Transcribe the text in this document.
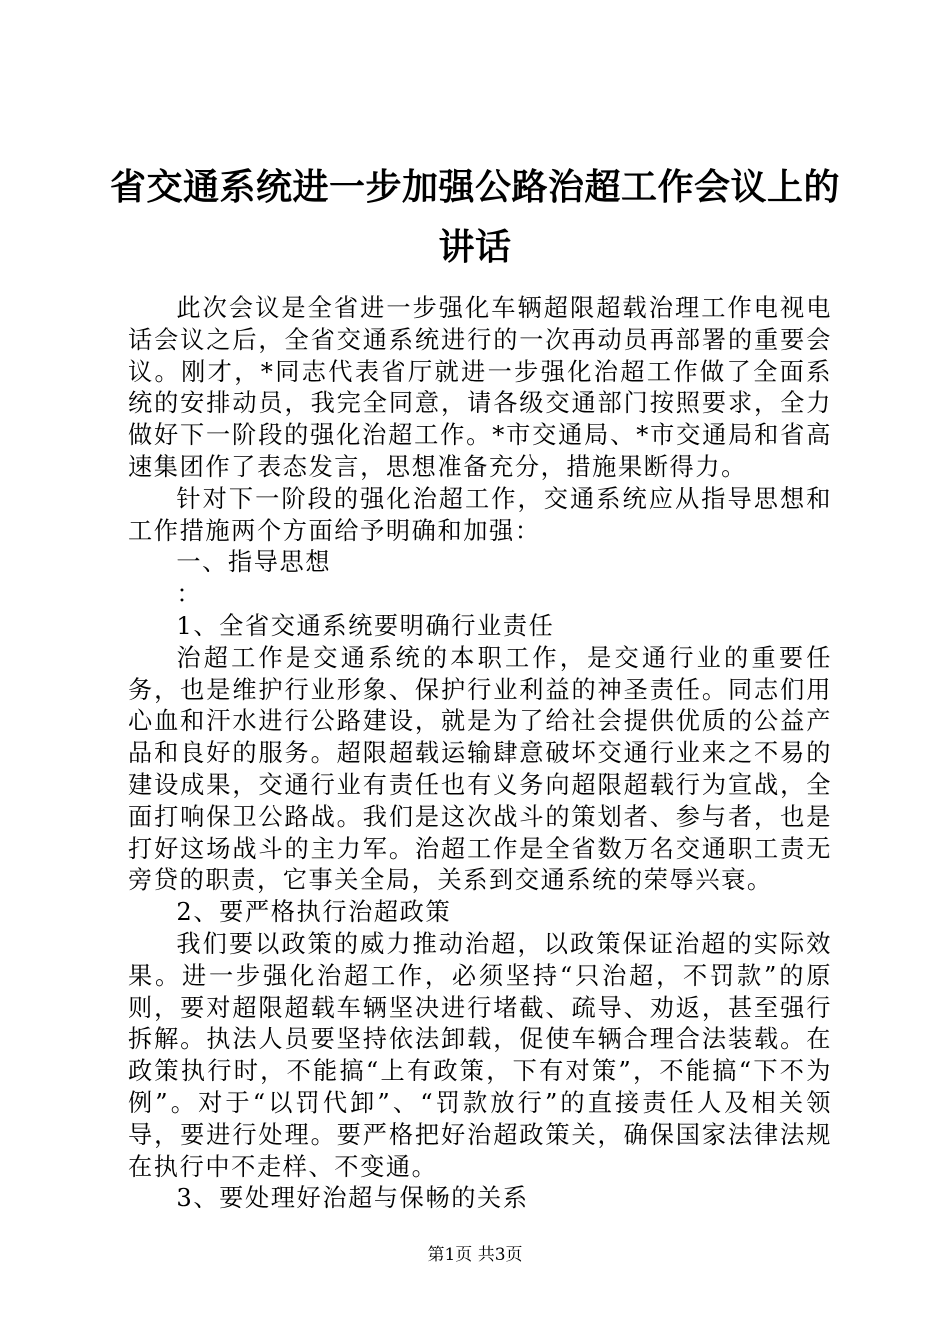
省交通系统进一步加强公路治超工作会议上的讲话

此次会议是全省进一步强化车辆超限超载治理工作电视电话会议之后，全省交通系统进行的一次再动员再部署的重要会议。刚才，*同志代表省厅就进一步强化治超工作做了全面系统的安排动员，我完全同意，请各级交通部门按照要求，全力做好下一阶段的强化治超工作。*市交通局、*市交通局和省高速集团作了表态发言，思想准备充分，措施果断得力。

针对下一阶段的强化治超工作，交通系统应从指导思想和工作措施两个方面给予明确和加强：

一、指导思想

：

1、全省交通系统要明确行业责任

治超工作是交通系统的本职工作，是交通行业的重要任务，也是维护行业形象、保护行业利益的神圣责任。同志们用心血和汗水进行公路建设，就是为了给社会提供优质的公益产品和良好的服务。超限超载运输肆意破坏交通行业来之不易的建设成果，交通行业有责任也有义务向超限超载行为宣战，全面打响保卫公路战。我们是这次战斗的策划者、参与者，也是打好这场战斗的主力军。治超工作是全省数万名交通职工责无旁贷的职责，它事关全局，关系到交通系统的荣辱兴衰。

2、要严格执行治超政策

我们要以政策的威力推动治超，以政策保证治超的实际效果。进一步强化治超工作，必须坚持“只治超，不罚款”的原则，要对超限超载车辆坚决进行堵截、疏导、劝返，甚至强行拆解。执法人员要坚持依法卸载，促使车辆合理合法装载。在政策执行时，不能搞“上有政策，下有对策”，不能搞“下不为例”。对于“以罚代卸”、“罚款放行”的直接责任人及相关领导，要进行处理。要严格把好治超政策关，确保国家法律法规在执行中不走样、不变通。

3、要处理好治超与保畅的关系

第1页 共3页
